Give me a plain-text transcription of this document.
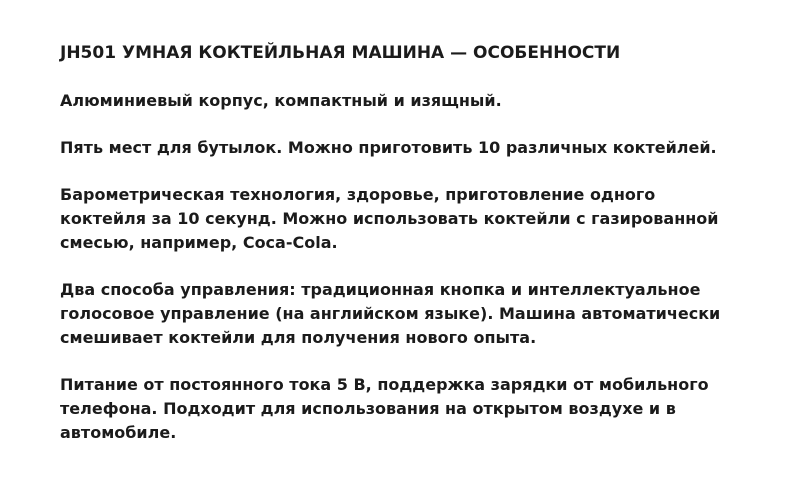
JH501 УМНАЯ КОКТЕЙЛЬНАЯ МАШИНА — ОСОБЕННОСТИ

Алюминиевый корпус, компактный и изящный.

Пять мест для бутылок. Можно приготовить 10 различных коктейлей.

Барометрическая технология, здоровье, приготовление одного коктейля за 10 секунд. Можно использовать коктейли с газированной смесью, например, Coca-Cola.

Два способа управления: традиционная кнопка и интеллектуальное голосовое управление (на английском языке). Машина автоматически смешивает коктейли для получения нового опыта.

Питание от постоянного тока 5 В, поддержка зарядки от мобильного телефона. Подходит для использования на открытом воздухе и в автомобиле.
